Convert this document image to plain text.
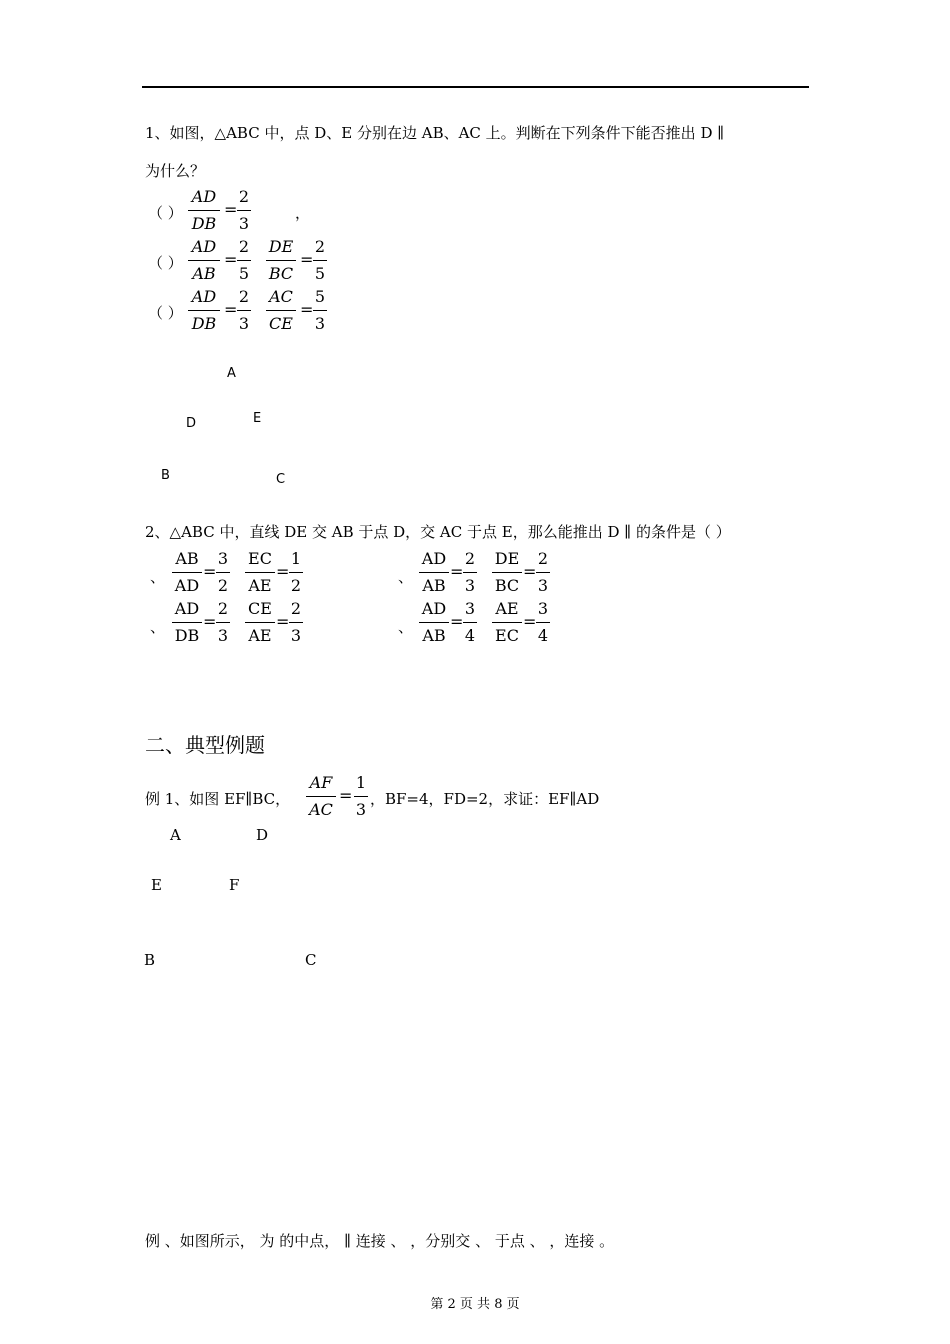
1、如图，△ABC 中，点 D、E 分别在边 AB、AC 上。判断在下列条件下能否推出 D ∥
为什么？
（ ） $\frac{AD}{DB} = \frac{2}{3}$	，
（ ） $\frac{AD}{AB} = \frac{2}{5} \frac{DE}{BC} = \frac{2}{5}$
（ ） $\frac{AD}{DB} = \frac{2}{3} \frac{AC}{CE} = \frac{5}{3}$
A
D	E
B	C
2、△ABC 中，直线 DE 交 AB 于点 D，交 AC 于点 E，那么能推出 D ∥ 的条件是（ ）
、 $\frac{AB}{AD} = \frac{3}{2} \frac{EC}{AE} = \frac{1}{2}$	、 $\frac{AD}{AB} = \frac{2}{3} \frac{DE}{BC} = \frac{2}{3}$
、 $\frac{AD}{DB} = \frac{2}{3} \frac{CE}{AE} = \frac{2}{3}$	、 $\frac{AD}{AB} = \frac{3}{4} \frac{AE}{EC} = \frac{3}{4}$
二、典型例题
例 1、如图 EF∥BC， $\frac{AF}{AC} = \frac{1}{3}$ ，BF=4，FD=2，求证：EF∥AD
A	D
E	F
B	C
例 、如图所示， 为 的中点， ∥ 连接 、 ，分别交 、 于点 、 ，连接 。
第 2 页 共 8 页
